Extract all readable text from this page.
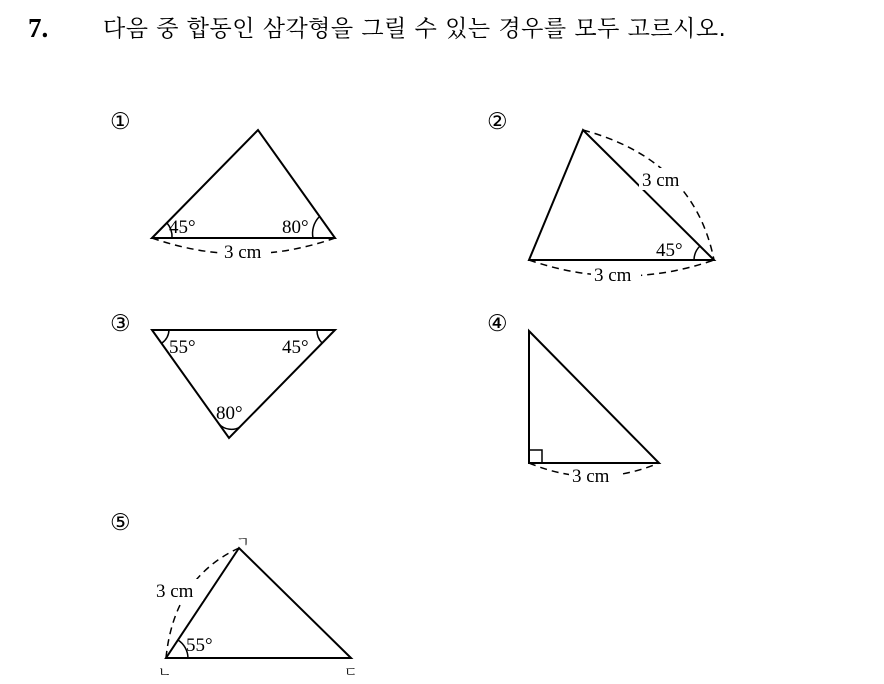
7. 다음 중 합동인 삼각형을 그릴 수 있는 경우를 모두 고르시오.
①
45°	80°
3 cm
②
3 cm
45°
3 cm
③
55°	45°
80°
④
3 cm
⑤
3 cm
55°
ㄱ
ㄴ	ㄷ
